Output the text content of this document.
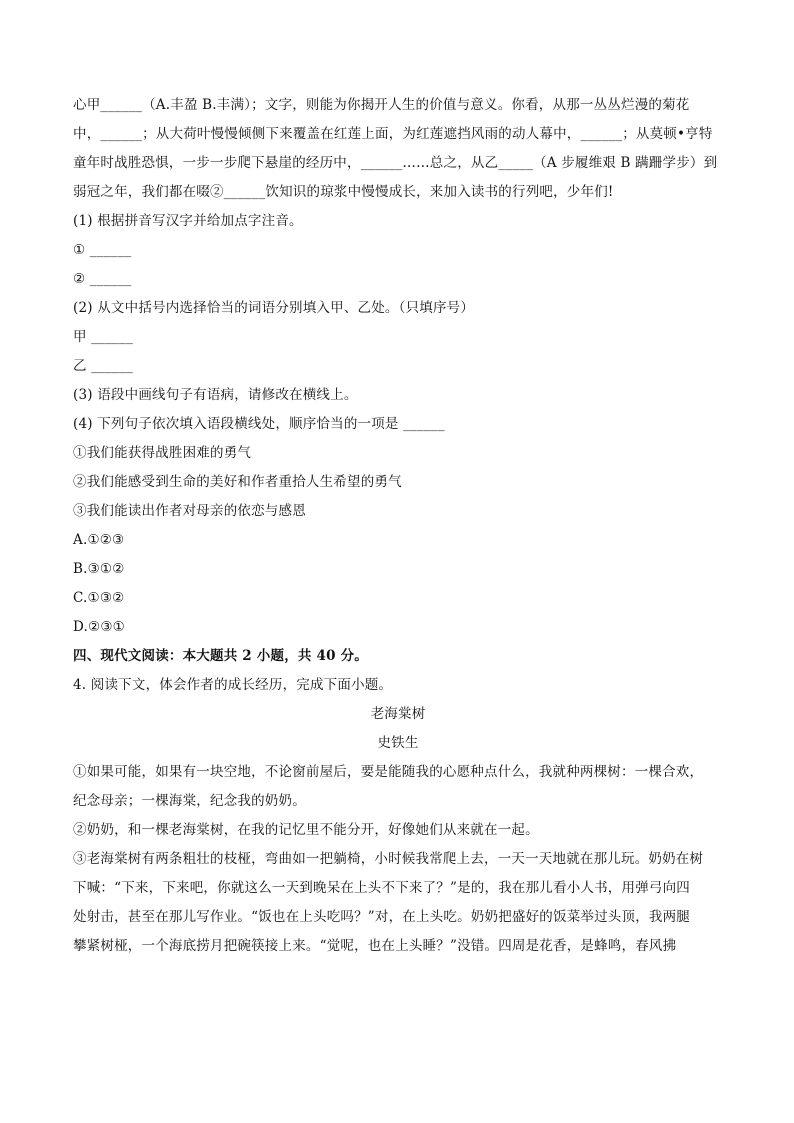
心甲______（A.丰盈 B.丰满）；文字，则能为你揭开人生的价值与意义。你看，从那一丛丛烂漫的菊花
中，______；从大荷叶慢慢倾侧下来覆盖在红莲上面，为红莲遮挡风雨的动人幕中，______；从莫顿•亨特
童年时战胜恐惧，一步一步爬下悬崖的经历中，______……总之，从乙_____（A 步履维艰 B 蹒跚学步）到
弱冠之年，我们都在啜②______饮知识的琼浆中慢慢成长，来加入读书的行列吧，少年们!
(1) 根据拼音写汉字并给加点字注音。
① ______
② ______
(2) 从文中括号内选择恰当的词语分别填入甲、乙处。（只填序号）
甲 ______
乙 ______
(3) 语段中画线句子有语病，请修改在横线上。
(4) 下列句子依次填入语段横线处，顺序恰当的一项是 ______
①我们能获得战胜困难的勇气
②我们能感受到生命的美好和作者重拾人生希望的勇气
③我们能读出作者对母亲的依恋与感恩
A.①②③
B.③①②
C.①③②
D.②③①
四、现代文阅读：本大题共 2 小题，共 40 分。
4. 阅读下文，体会作者的成长经历，完成下面小题。
老海棠树
史铁生
①如果可能，如果有一块空地，不论窗前屋后，要是能随我的心愿种点什么，我就种两棵树：一棵合欢，
纪念母亲；一棵海棠，纪念我的奶奶。
②奶奶，和一棵老海棠树，在我的记忆里不能分开，好像她们从来就在一起。
③老海棠树有两条粗壮的枝桠，弯曲如一把躺椅，小时候我常爬上去，一天一天地就在那儿玩。奶奶在树
下喊：“下来，下来吧，你就这么一天到晚呆在上头不下来了？”是的，我在那儿看小人书，用弹弓向四
处射击，甚至在那儿写作业。“饭也在上头吃吗？”对，在上头吃。奶奶把盛好的饭菜举过头顶，我两腿
攀紧树桠，一个海底捞月把碗筷接上来。“觉呢，也在上头睡？”没错。四周是花香，是蜂鸣，春风拂
